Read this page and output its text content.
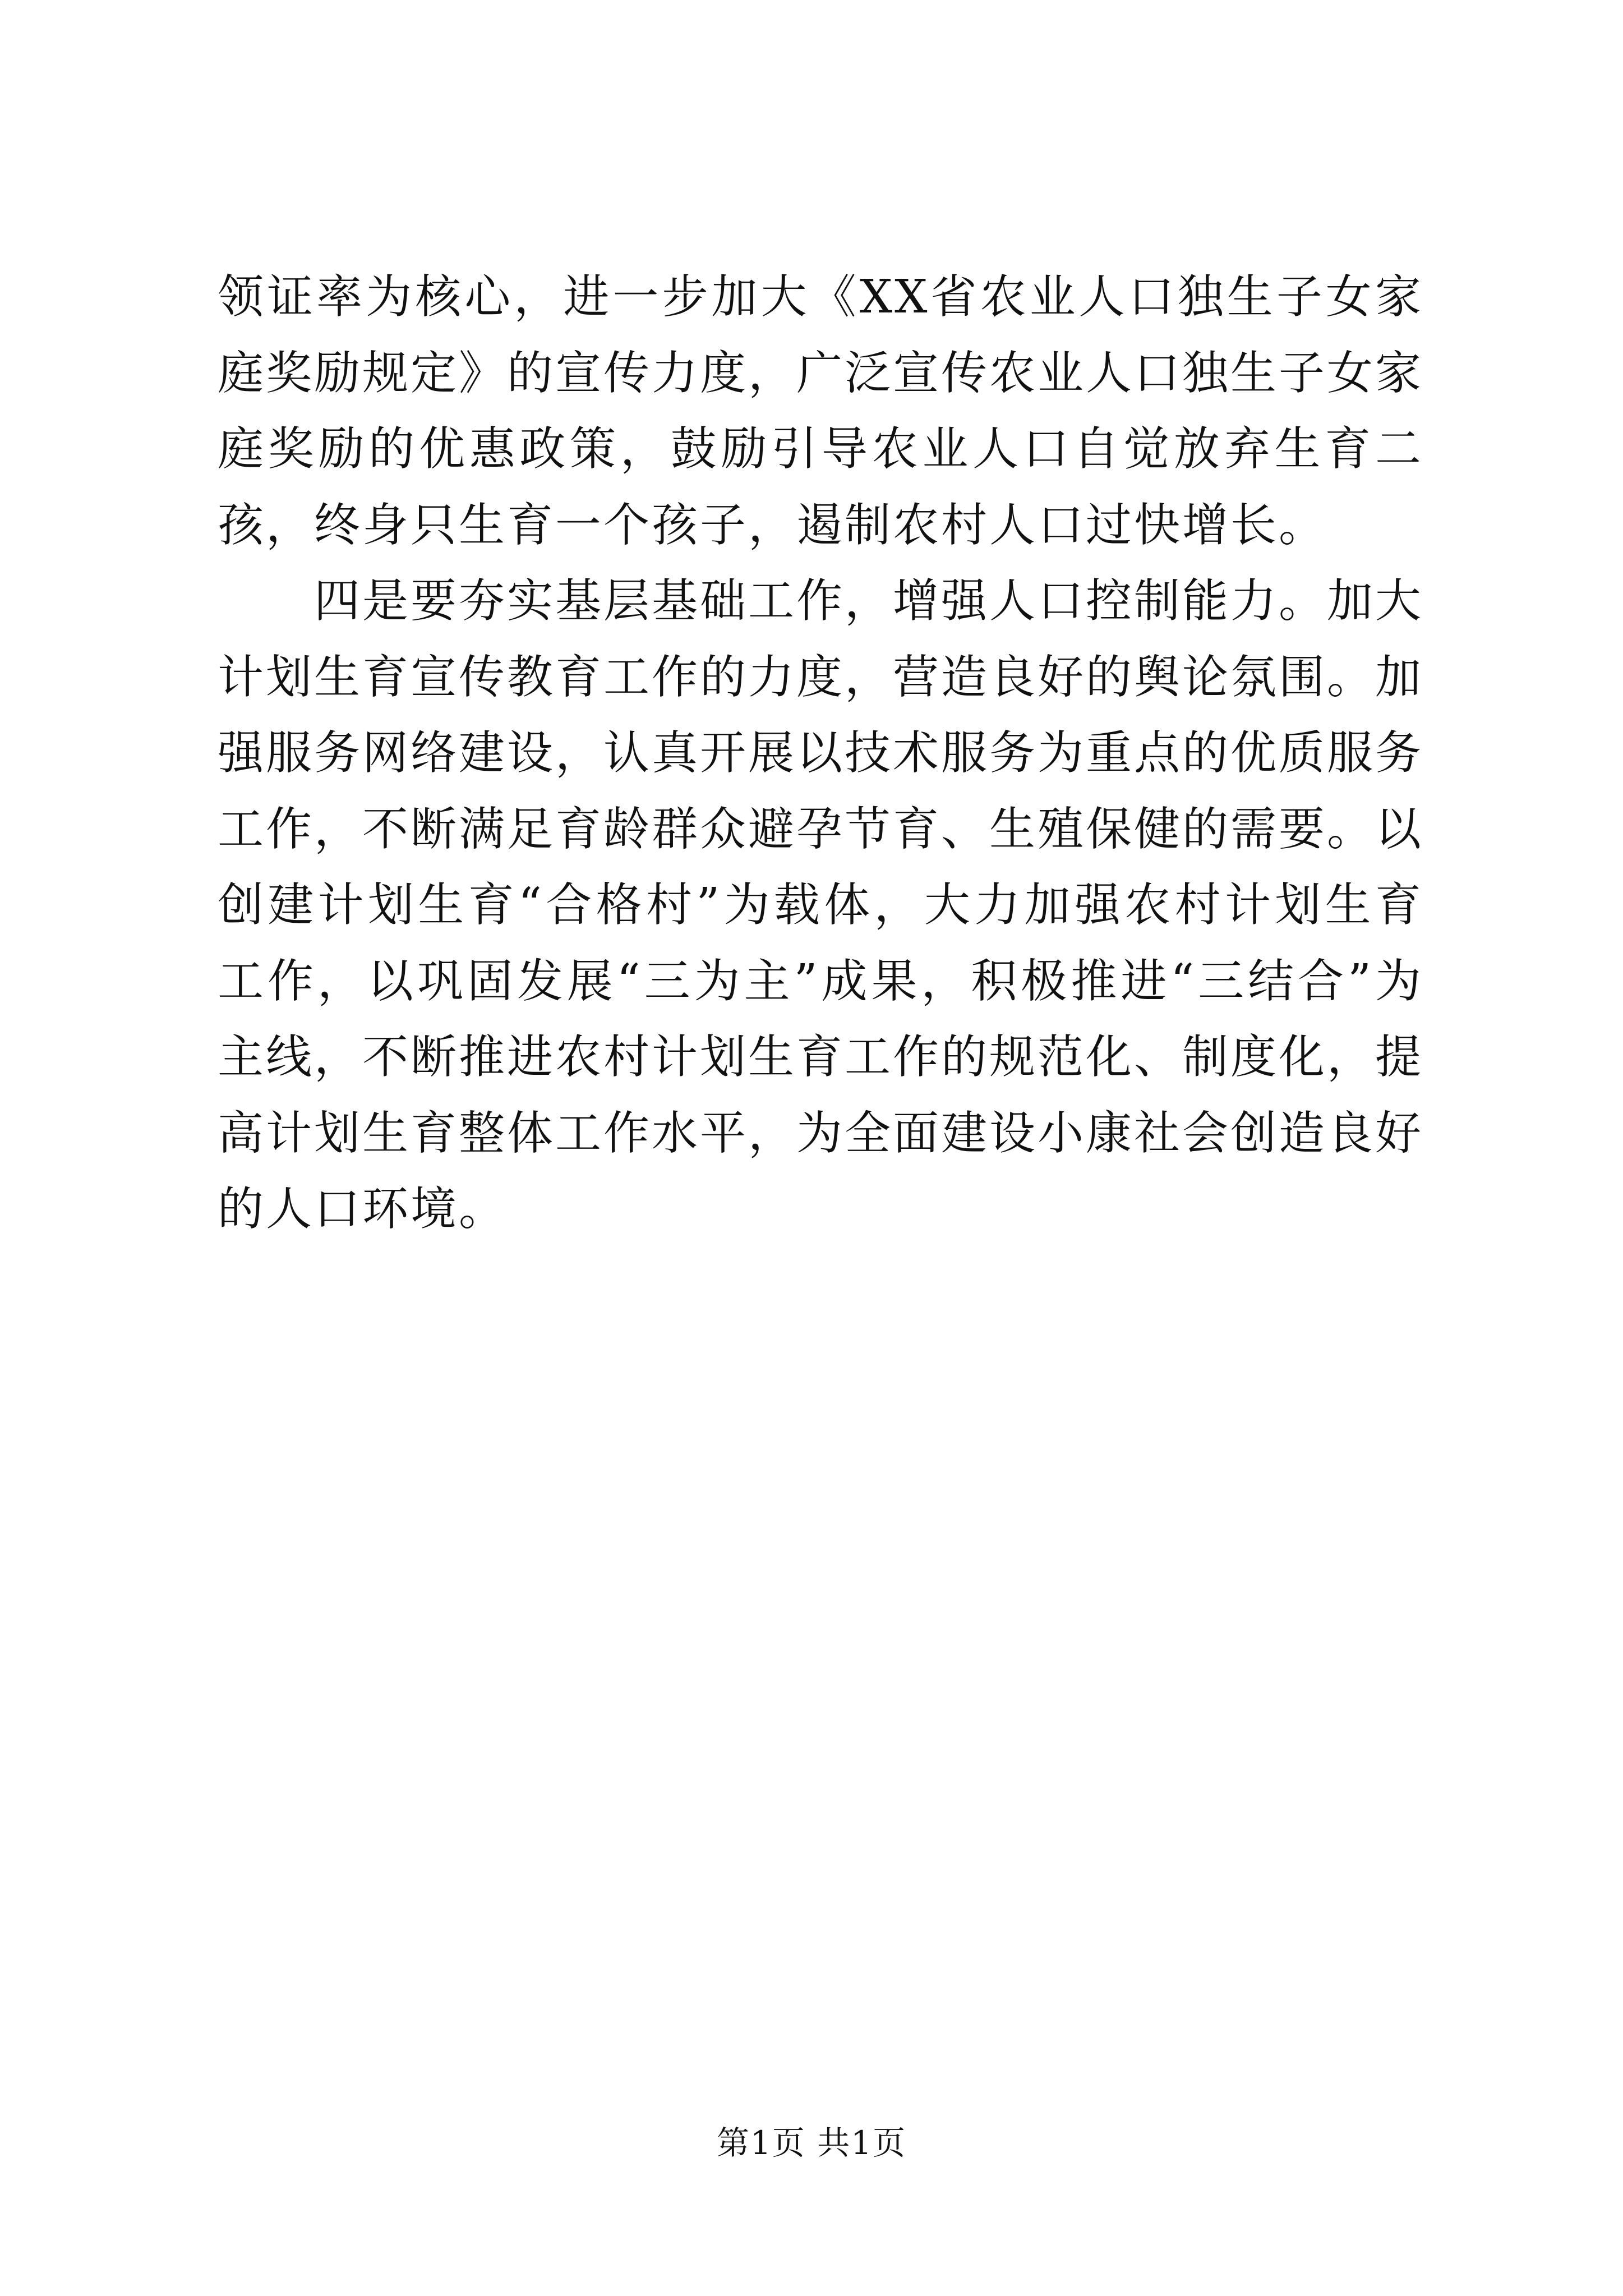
领证率为核心，进一步加大《XX省农业人口独生子女家庭奖励规定》的宣传力度，广泛宣传农业人口独生子女家庭奖励的优惠政策，鼓励引导农业人口自觉放弃生育二孩，终身只生育一个孩子，遏制农村人口过快增长。

四是要夯实基层基础工作，增强人口控制能力。加大计划生育宣传教育工作的力度，营造良好的舆论氛围。加强服务网络建设，认真开展以技术服务为重点的优质服务工作，不断满足育龄群众避孕节育、生殖保健的需要。以创建计划生育“合格村”为载体，大力加强农村计划生育工作，以巩固发展“三为主”成果，积极推进“三结合”为主线，不断推进农村计划生育工作的规范化、制度化，提高计划生育整体工作水平，为全面建设小康社会创造良好的人口环境。

第1页 共1页
